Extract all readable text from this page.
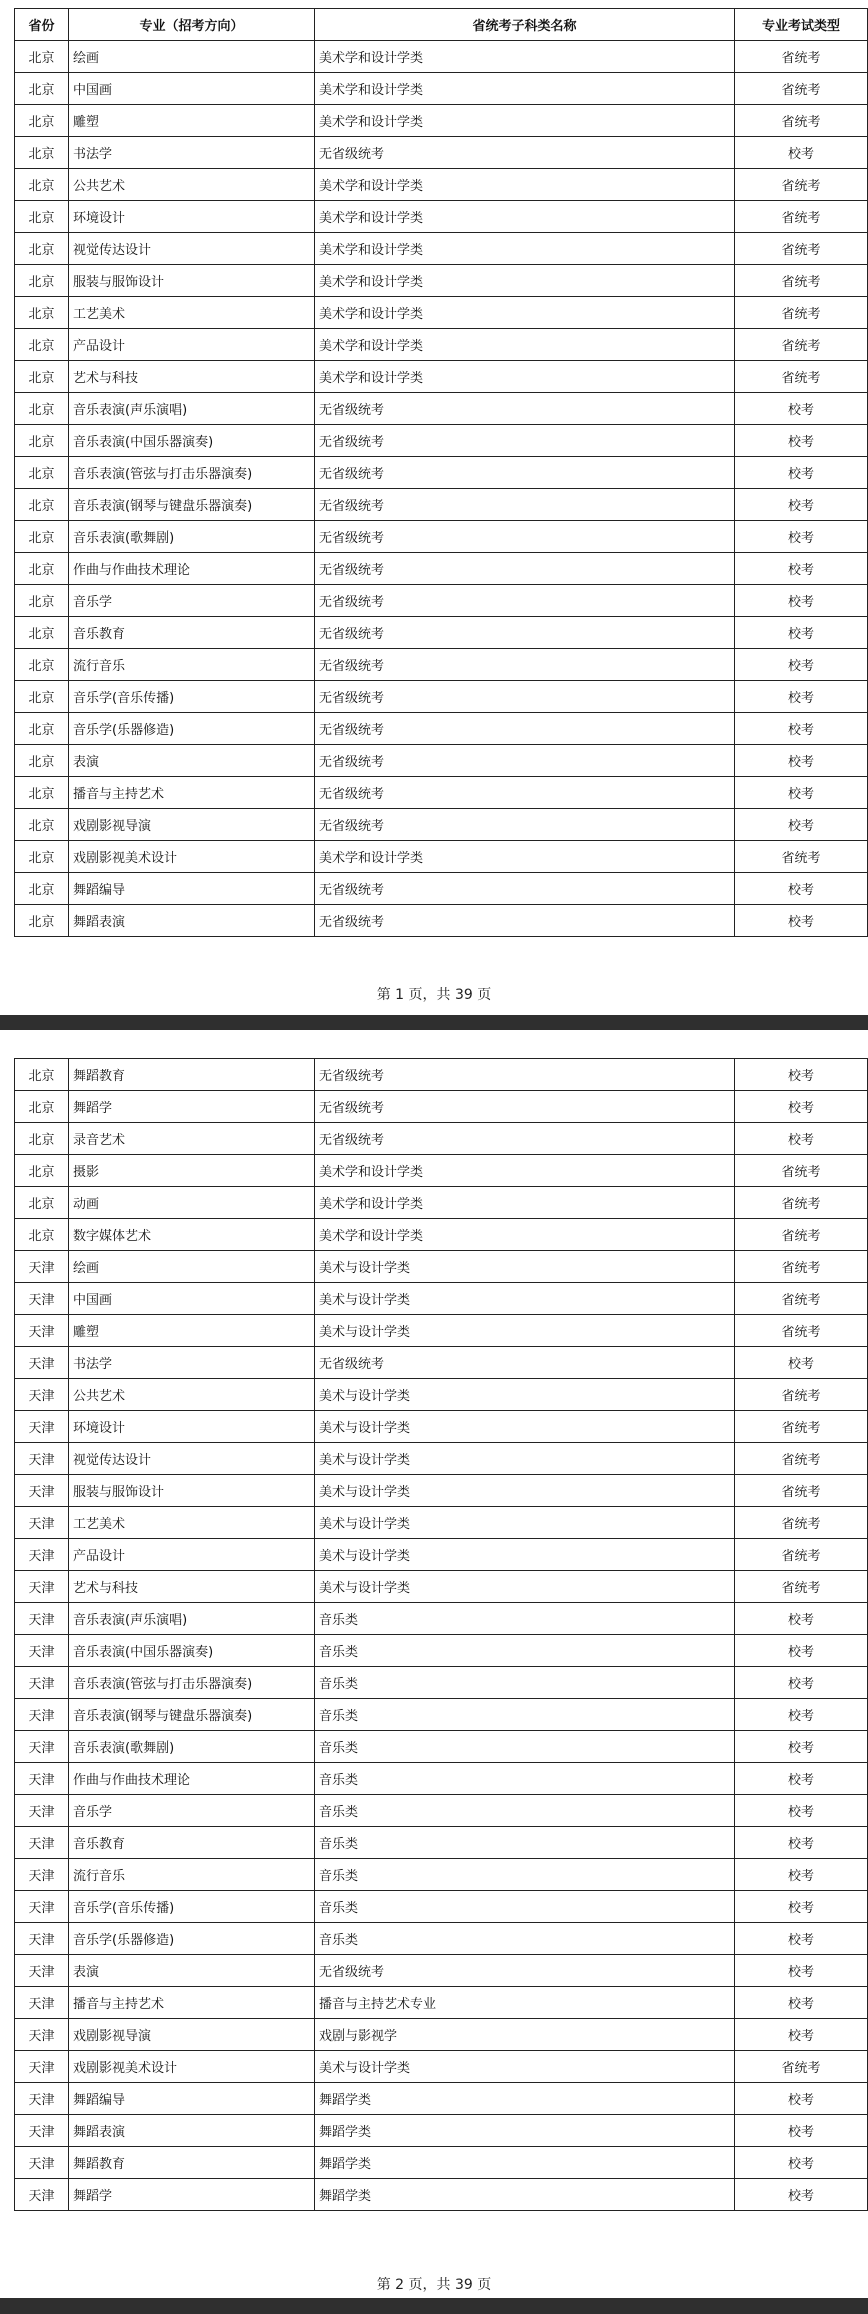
省份	专业（招考方向）	省统考子科类名称	专业考试类型
北京	绘画	美术学和设计学类	省统考
北京	中国画	美术学和设计学类	省统考
北京	雕塑	美术学和设计学类	省统考
北京	书法学	无省级统考	校考
北京	公共艺术	美术学和设计学类	省统考
北京	环境设计	美术学和设计学类	省统考
北京	视觉传达设计	美术学和设计学类	省统考
北京	服装与服饰设计	美术学和设计学类	省统考
北京	工艺美术	美术学和设计学类	省统考
北京	产品设计	美术学和设计学类	省统考
北京	艺术与科技	美术学和设计学类	省统考
北京	音乐表演(声乐演唱)	无省级统考	校考
北京	音乐表演(中国乐器演奏)	无省级统考	校考
北京	音乐表演(管弦与打击乐器演奏)	无省级统考	校考
北京	音乐表演(钢琴与键盘乐器演奏)	无省级统考	校考
北京	音乐表演(歌舞剧)	无省级统考	校考
北京	作曲与作曲技术理论	无省级统考	校考
北京	音乐学	无省级统考	校考
北京	音乐教育	无省级统考	校考
北京	流行音乐	无省级统考	校考
北京	音乐学(音乐传播)	无省级统考	校考
北京	音乐学(乐器修造)	无省级统考	校考
北京	表演	无省级统考	校考
北京	播音与主持艺术	无省级统考	校考
北京	戏剧影视导演	无省级统考	校考
北京	戏剧影视美术设计	美术学和设计学类	省统考
北京	舞蹈编导	无省级统考	校考
北京	舞蹈表演	无省级统考	校考
第 1 页，共 39 页
北京	舞蹈教育	无省级统考	校考
北京	舞蹈学	无省级统考	校考
北京	录音艺术	无省级统考	校考
北京	摄影	美术学和设计学类	省统考
北京	动画	美术学和设计学类	省统考
北京	数字媒体艺术	美术学和设计学类	省统考
天津	绘画	美术与设计学类	省统考
天津	中国画	美术与设计学类	省统考
天津	雕塑	美术与设计学类	省统考
天津	书法学	无省级统考	校考
天津	公共艺术	美术与设计学类	省统考
天津	环境设计	美术与设计学类	省统考
天津	视觉传达设计	美术与设计学类	省统考
天津	服装与服饰设计	美术与设计学类	省统考
天津	工艺美术	美术与设计学类	省统考
天津	产品设计	美术与设计学类	省统考
天津	艺术与科技	美术与设计学类	省统考
天津	音乐表演(声乐演唱)	音乐类	校考
天津	音乐表演(中国乐器演奏)	音乐类	校考
天津	音乐表演(管弦与打击乐器演奏)	音乐类	校考
天津	音乐表演(钢琴与键盘乐器演奏)	音乐类	校考
天津	音乐表演(歌舞剧)	音乐类	校考
天津	作曲与作曲技术理论	音乐类	校考
天津	音乐学	音乐类	校考
天津	音乐教育	音乐类	校考
天津	流行音乐	音乐类	校考
天津	音乐学(音乐传播)	音乐类	校考
天津	音乐学(乐器修造)	音乐类	校考
天津	表演	无省级统考	校考
天津	播音与主持艺术	播音与主持艺术专业	校考
天津	戏剧影视导演	戏剧与影视学	校考
天津	戏剧影视美术设计	美术与设计学类	省统考
天津	舞蹈编导	舞蹈学类	校考
天津	舞蹈表演	舞蹈学类	校考
天津	舞蹈教育	舞蹈学类	校考
天津	舞蹈学	舞蹈学类	校考
第 2 页，共 39 页
